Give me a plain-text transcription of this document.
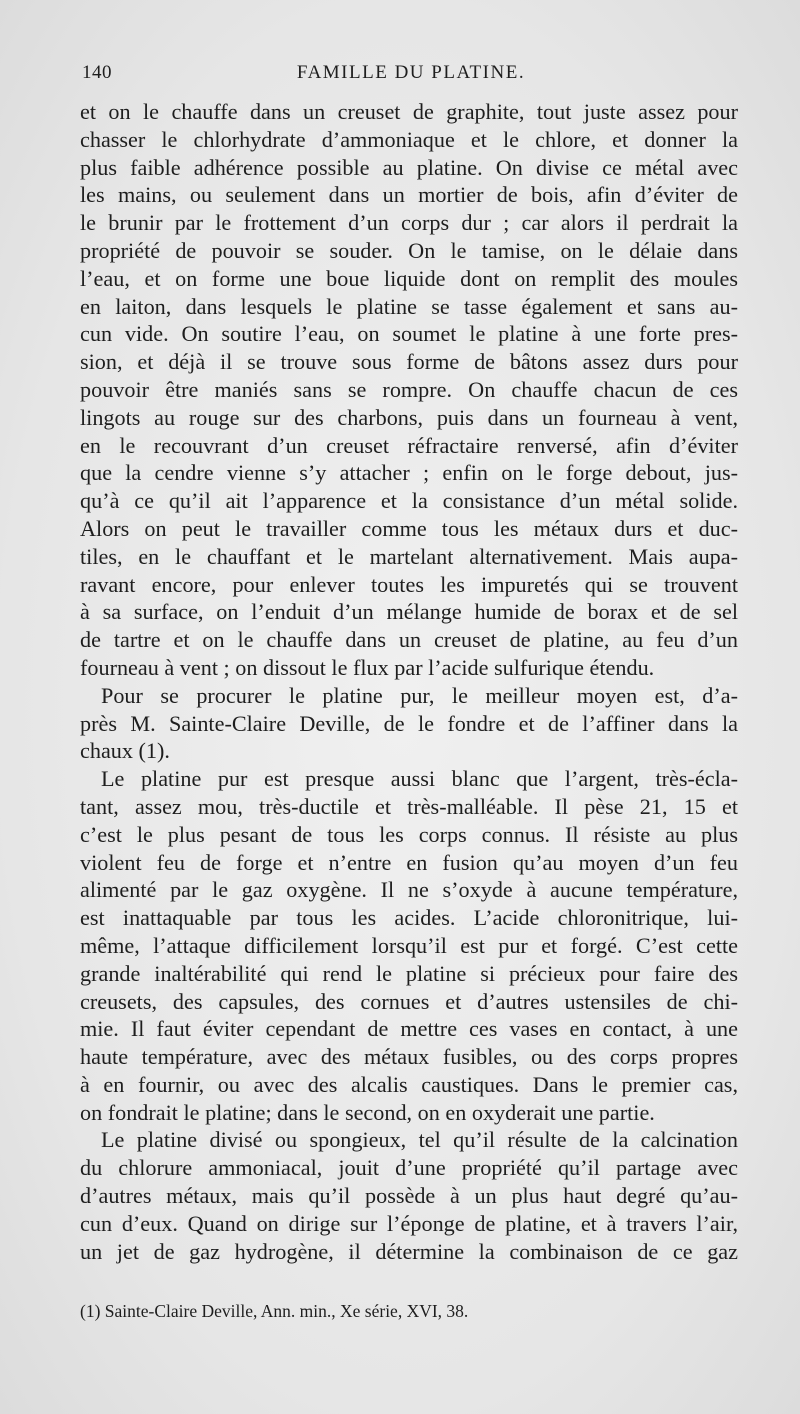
140	FAMILLE DU PLATINE.
et on le chauffe dans un creuset de graphite, tout juste assez pour
chasser le chlorhydrate d’ammoniaque et le chlore, et donner la
plus faible adhérence possible au platine. On divise ce métal avec
les mains, ou seulement dans un mortier de bois, afin d’éviter de
le brunir par le frottement d’un corps dur ; car alors il perdrait la
propriété de pouvoir se souder. On le tamise, on le délaie dans
l’eau, et on forme une boue liquide dont on remplit des moules
en laiton, dans lesquels le platine se tasse également et sans au-
cun vide. On soutire l’eau, on soumet le platine à une forte pres-
sion, et déjà il se trouve sous forme de bâtons assez durs pour
pouvoir être maniés sans se rompre. On chauffe chacun de ces
lingots au rouge sur des charbons, puis dans un fourneau à vent,
en le recouvrant d’un creuset réfractaire renversé, afin d’éviter
que la cendre vienne s’y attacher ; enfin on le forge debout, jus-
qu’à ce qu’il ait l’apparence et la consistance d’un métal solide.
Alors on peut le travailler comme tous les métaux durs et duc-
tiles, en le chauffant et le martelant alternativement. Mais aupa-
ravant encore, pour enlever toutes les impuretés qui se trouvent
à sa surface, on l’enduit d’un mélange humide de borax et de sel
de tartre et on le chauffe dans un creuset de platine, au feu d’un
fourneau à vent ; on dissout le flux par l’acide sulfurique étendu.
Pour se procurer le platine pur, le meilleur moyen est, d’a-
près M. Sainte-Claire Deville, de le fondre et de l’affiner dans la
chaux (1).
Le platine pur est presque aussi blanc que l’argent, très-écla-
tant, assez mou, très-ductile et très-malléable. Il pèse 21, 15 et
c’est le plus pesant de tous les corps connus. Il résiste au plus
violent feu de forge et n’entre en fusion qu’au moyen d’un feu
alimenté par le gaz oxygène. Il ne s’oxyde à aucune température,
est inattaquable par tous les acides. L’acide chloronitrique, lui-
même, l’attaque difficilement lorsqu’il est pur et forgé. C’est cette
grande inaltérabilité qui rend le platine si précieux pour faire des
creusets, des capsules, des cornues et d’autres ustensiles de chi-
mie. Il faut éviter cependant de mettre ces vases en contact, à une
haute température, avec des métaux fusibles, ou des corps propres
à en fournir, ou avec des alcalis caustiques. Dans le premier cas,
on fondrait le platine; dans le second, on en oxyderait une partie.
Le platine divisé ou spongieux, tel qu’il résulte de la calcination
du chlorure ammoniacal, jouit d’une propriété qu’il partage avec
d’autres métaux, mais qu’il possède à un plus haut degré qu’au-
cun d’eux. Quand on dirige sur l’éponge de platine, et à travers l’air,
un jet de gaz hydrogène, il détermine la combinaison de ce gaz
(1) Sainte-Claire Deville, Ann. min., Xe série, XVI, 38.
